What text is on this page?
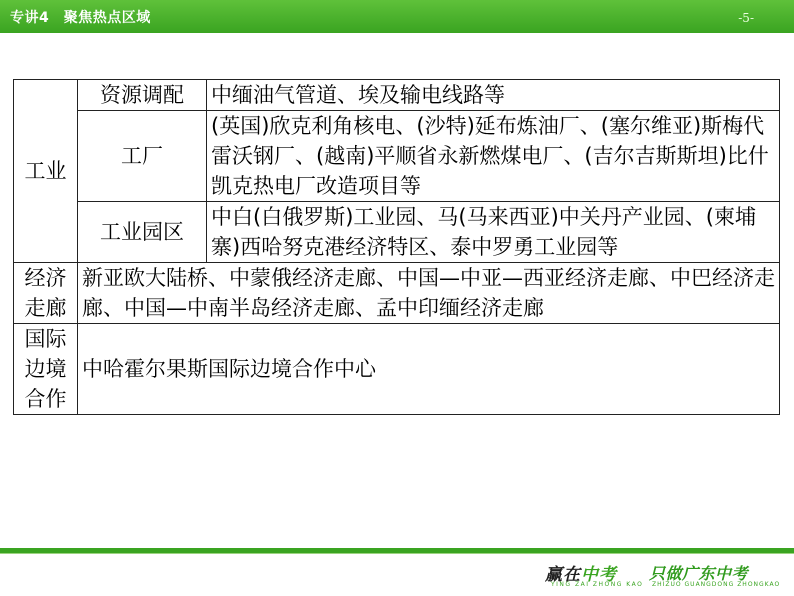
专讲4　聚焦热点区域	-5-
工业	资源调配	中缅油气管道、埃及输电线路等
	工厂	(英国)欣克利角核电、(沙特)延布炼油厂、(塞尔维亚)斯梅代雷沃钢厂、(越南)平顺省永新燃煤电厂、(吉尔吉斯斯坦)比什凯克热电厂改造项目等
	工业园区	中白(白俄罗斯)工业园、马(马来西亚)中关丹产业园、(柬埔寨)西哈努克港经济特区、泰中罗勇工业园等
经济走廊	新亚欧大陆桥、中蒙俄经济走廊、中国—中亚—西亚经济走廊、中巴经济走廊、中国—中南半岛经济走廊、孟中印缅经济走廊	
国际边境合作	中哈霍尔果斯国际边境合作中心	
赢在中考
YING ZAI ZHONG KAO
只做广东中考
ZHIZUO GUANGDONG ZHONGKAO
